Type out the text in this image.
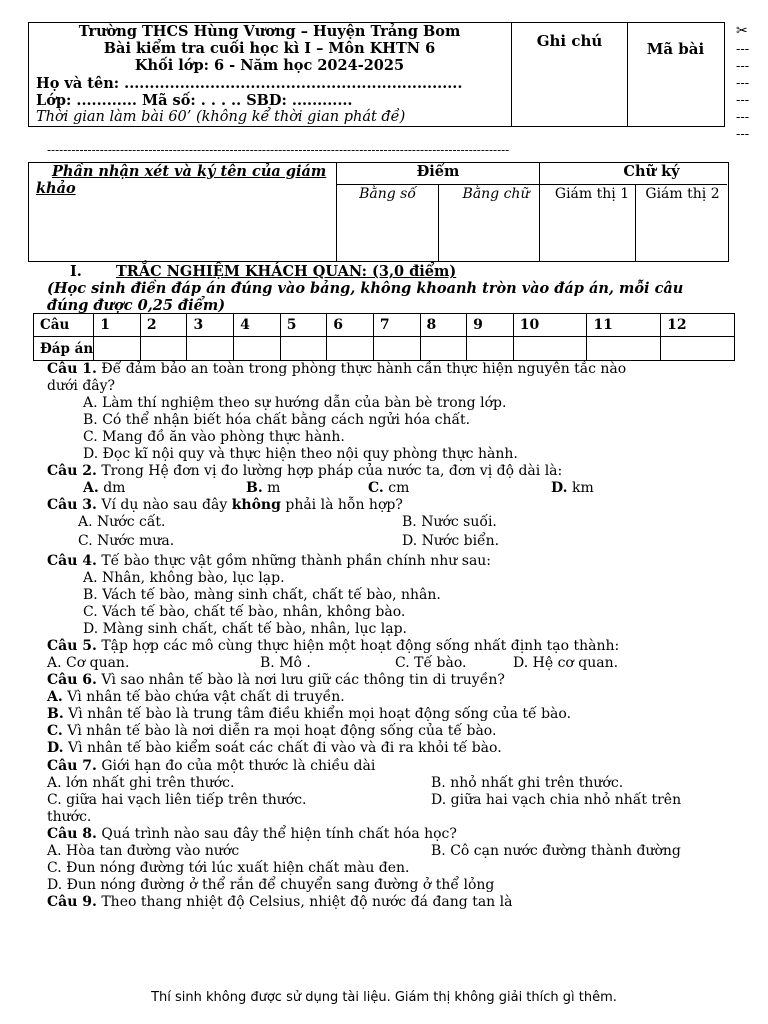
Trường THCS Hùng Vương – Huyện Trảng Bom
Bài kiểm tra cuối học kì I – Môn KHTN 6
Khối lớp: 6 - Năm học 2024-2025
Họ và tên: ...................................................................
Lớp: ............ Mã số: . . . .. SBD: ............
Thời gian làm bài 60’ (không kể thời gian phát đề)
Ghi chú	Mã bài
✂
---
---
---
---
---
---
------------------------------------------------------------------------------------------------------------------
Phần nhận xét và ký tên của giám khảo
Điểm	Chữ ký
Bằng số	Bằng chữ	Giám thị 1	Giám thị 2
I. TRẮC NGHIỆM KHÁCH QUAN: (3,0 điểm)
(Học sinh điền đáp án đúng vào bảng, không khoanh tròn vào đáp án, mỗi câu
đúng được 0,25 điểm)
Câu	1	2	3	4	5	6	7	8	9	10	11	12
Đáp án												
Câu 1. Để đảm bảo an toàn trong phòng thực hành cần thực hiện nguyên tắc nào
dưới đây?
A. Làm thí nghiệm theo sự hướng dẫn của bàn bè trong lớp.
B. Có thể nhận biết hóa chất bằng cách ngửi hóa chất.
C. Mang đồ ăn vào phòng thực hành.
D. Đọc kĩ nội quy và thực hiện theo nội quy phòng thực hành.
Câu 2. Trong Hệ đơn vị đo lường hợp pháp của nước ta, đơn vị độ dài là:
A. dm	B. m	C. cm	D. km
Câu 3. Ví dụ nào sau đây không phải là hỗn hợp?
A. Nước cất.	B. Nước suối.
C. Nước mưa.	D. Nước biển.
Câu 4. Tế bào thực vật gồm những thành phần chính như sau:
A. Nhân, không bào, lục lạp.
B. Vách tế bào, màng sinh chất, chất tế bào, nhân.
C. Vách tế bào, chất tế bào, nhân, không bào.
D. Màng sinh chất, chất tế bào, nhân, lục lạp.
Câu 5. Tập hợp các mô cùng thực hiện một hoạt động sống nhất định tạo thành:
A. Cơ quan.	B. Mô .	C. Tế bào.	D. Hệ cơ quan.
Câu 6. Vì sao nhân tế bào là nơi lưu giữ các thông tin di truyền?
A. Vì nhân tế bào chứa vật chất di truyền.
B. Vì nhân tế bào là trung tâm điều khiển mọi hoạt động sống của tế bào.
C. Vì nhân tế bào là nơi diễn ra mọi hoạt động sống của tế bào.
D. Vì nhân tế bào kiểm soát các chất đi vào và đi ra khỏi tế bào.
Câu 7. Giới hạn đo của một thước là chiều dài
A. lớn nhất ghi trên thước.	B. nhỏ nhất ghi trên thước.
C. giữa hai vạch liên tiếp trên thước.	D. giữa hai vạch chia nhỏ nhất trên
thước.
Câu 8. Quá trình nào sau đây thể hiện tính chất hóa học?
A. Hòa tan đường vào nước	B. Cô cạn nước đường thành đường
C. Đun nóng đường tới lúc xuất hiện chất màu đen.
D. Đun nóng đường ở thể rắn để chuyển sang đường ở thể lỏng
Câu 9. Theo thang nhiệt độ Celsius, nhiệt độ nước đá đang tan là
Thí sinh không được sử dụng tài liệu. Giám thị không giải thích gì thêm.
